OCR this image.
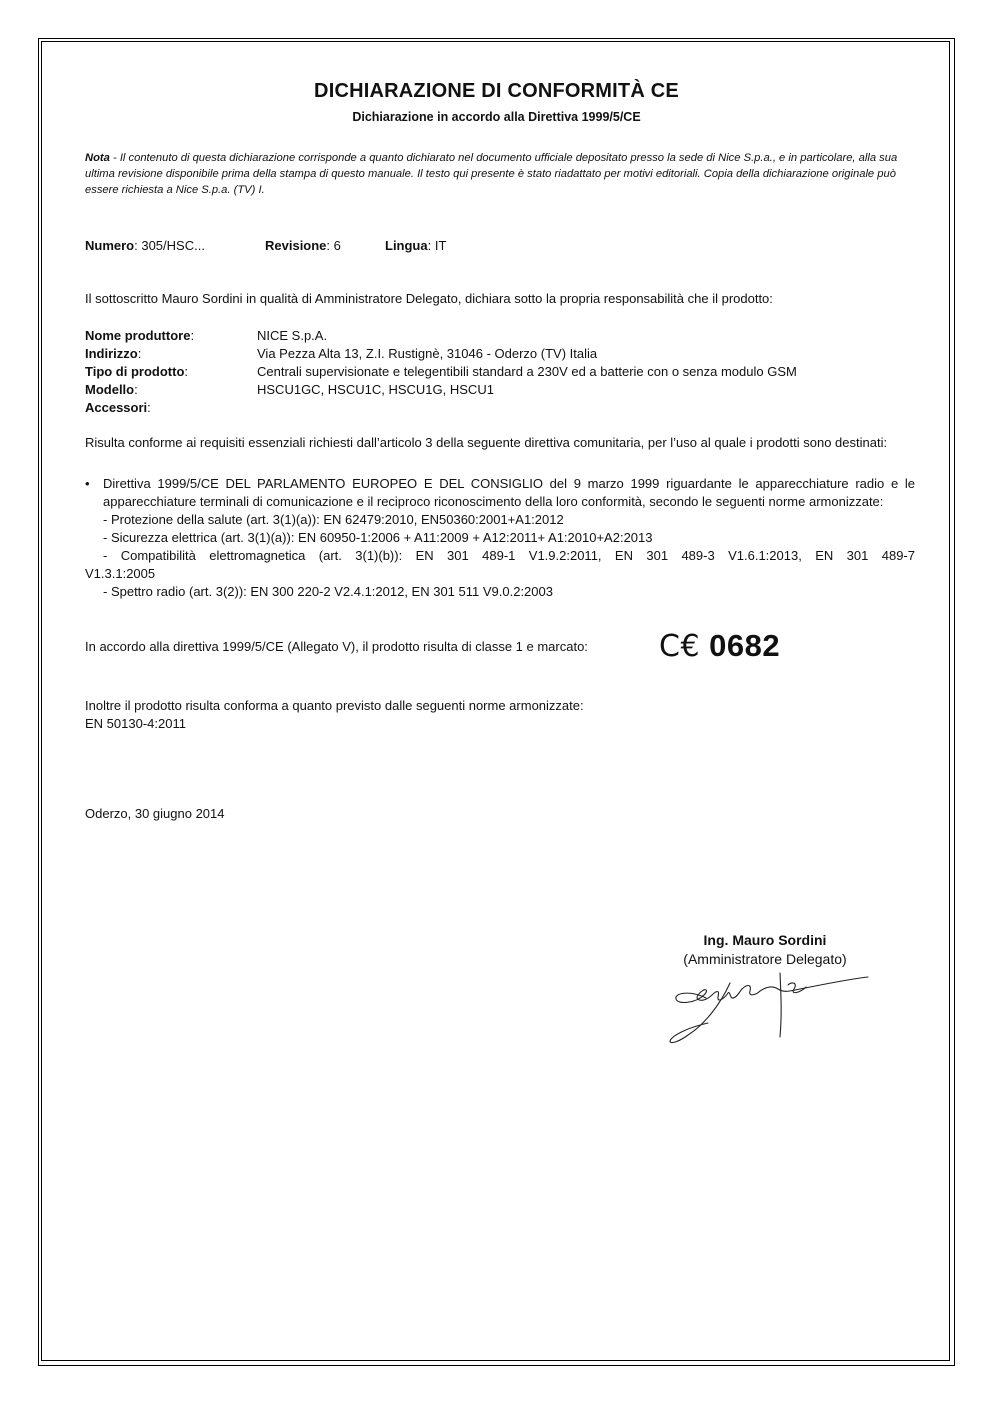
DICHIARAZIONE DI CONFORMITÀ CE
Dichiarazione in accordo alla Direttiva 1999/5/CE
Nota - Il contenuto di questa dichiarazione corrisponde a quanto dichiarato nel documento ufficiale depositato presso la sede di Nice S.p.a., e in particolare, alla sua ultima revisione disponibile prima della stampa di questo manuale. Il testo qui presente è stato riadattato per motivi editoriali. Copia della dichiarazione originale può essere richiesta a Nice S.p.a. (TV) I.
Numero: 305/HSC...	Revisione: 6	Lingua: IT
Il sottoscritto Mauro Sordini in qualità di Amministratore Delegato, dichiara sotto la propria responsabilità che il prodotto:
Nome produttore:	NICE S.p.A.
Indirizzo:	Via Pezza Alta 13, Z.I. Rustignè, 31046 - Oderzo (TV) Italia
Tipo di prodotto:	Centrali supervisionate e telegentibili standard a 230V ed a batterie con o senza modulo GSM
Modello:	HSCU1GC, HSCU1C, HSCU1G, HSCU1
Accessori:
Risulta conforme ai requisiti essenziali richiesti dall’articolo 3 della seguente direttiva comunitaria, per l’uso al quale i prodotti sono destinati:
• Direttiva 1999/5/CE DEL PARLAMENTO EUROPEO E DEL CONSIGLIO del 9 marzo 1999 riguardante le apparecchiature radio e le apparecchiature terminali di comunicazione e il reciproco riconoscimento della loro conformità, secondo le seguenti norme armonizzate:
- Protezione della salute (art. 3(1)(a)): EN 62479:2010, EN50360:2001+A1:2012
- Sicurezza elettrica (art. 3(1)(a)): EN 60950-1:2006 + A11:2009 + A12:2011+ A1:2010+A2:2013
- Compatibilità elettromagnetica (art. 3(1)(b)): EN 301 489-1 V1.9.2:2011, EN 301 489-3 V1.6.1:2013, EN 301 489-7
V1.3.1:2005
- Spettro radio (art. 3(2)): EN 300 220-2 V2.4.1:2012, EN 301 511 V9.0.2:2003
In accordo alla direttiva 1999/5/CE (Allegato V), il prodotto risulta di classe 1 e marcato: C€ 0682
Inoltre il prodotto risulta conforma a quanto previsto dalle seguenti norme armonizzate:
EN 50130-4:2011
Oderzo, 30 giugno 2014
Ing. Mauro Sordini
(Amministratore Delegato)
